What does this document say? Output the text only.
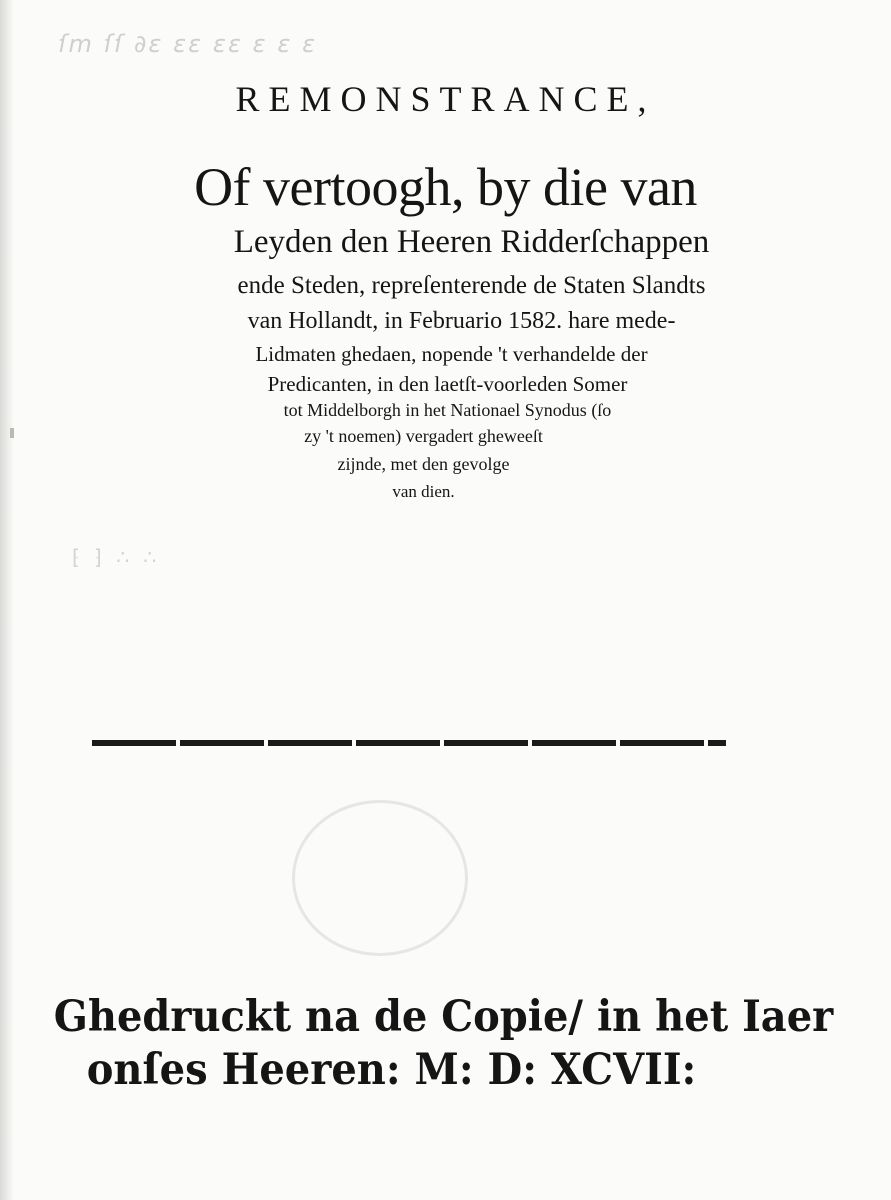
ſm ſſ ∂ɛ ɛɛ ɛɛ ɛ ɛ ɛ
⁅ ⁆ ∴ ∴
REMONSTRANCE,
Of vertoogh, by die van
Leyden den Heeren Ridderſchappen
ende Steden, repreſenterende de Staten Slandts
van Hollandt, in Februario 1582. hare mede-
Lidmaten ghedaen, nopende 't verhandelde der
Predicanten, in den laetſt-voorleden Somer
tot Middelborgh in het Nationael Synodus (ſo
zy 't noemen) vergadert gheweeſt
zijnde, met den gevolge
van dien.
Ghedruckt na de Copie/ in het Iaer
onſes Heeren: M: D: XCVII:
